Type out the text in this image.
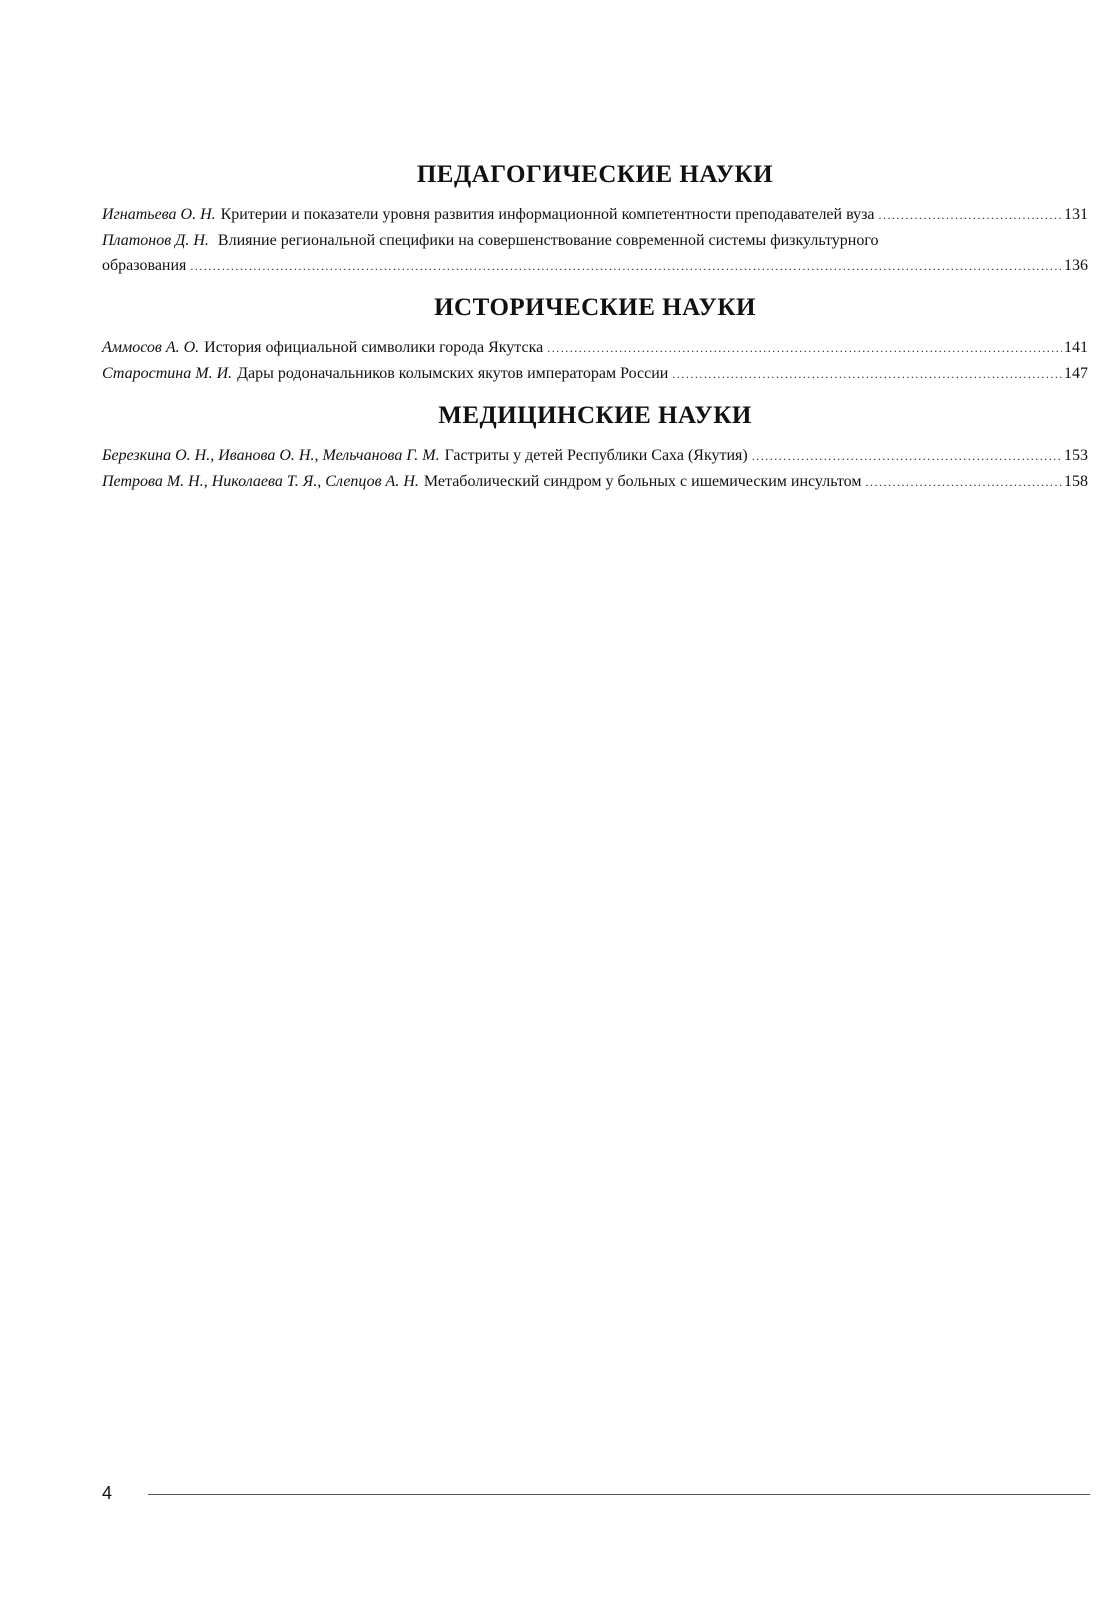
ПЕДАГОГИЧЕСКИЕ НАУКИ
Игнатьева О. Н. Критерии и показатели уровня развития информационной компетентности преподавателей вуза .....	131
Платонов Д. Н. Влияние региональной специфики на совершенствование современной системы физкультурного
образования .....	136
ИСТОРИЧЕСКИЕ НАУКИ
Аммосов А. О. История официальной символики города Якутска .....	141
Старостина М. И. Дары родоначальников колымских якутов императорам России .....	147
МЕДИЦИНСКИЕ НАУКИ
Березкина О. Н., Иванова О. Н., Мельчанова Г. М. Гастриты у детей Республики Саха (Якутия) .....	153
Петрова М. Н., Николаева Т. Я., Слепцов А. Н. Метаболический синдром у больных с ишемическим инсультом .....	158
4
